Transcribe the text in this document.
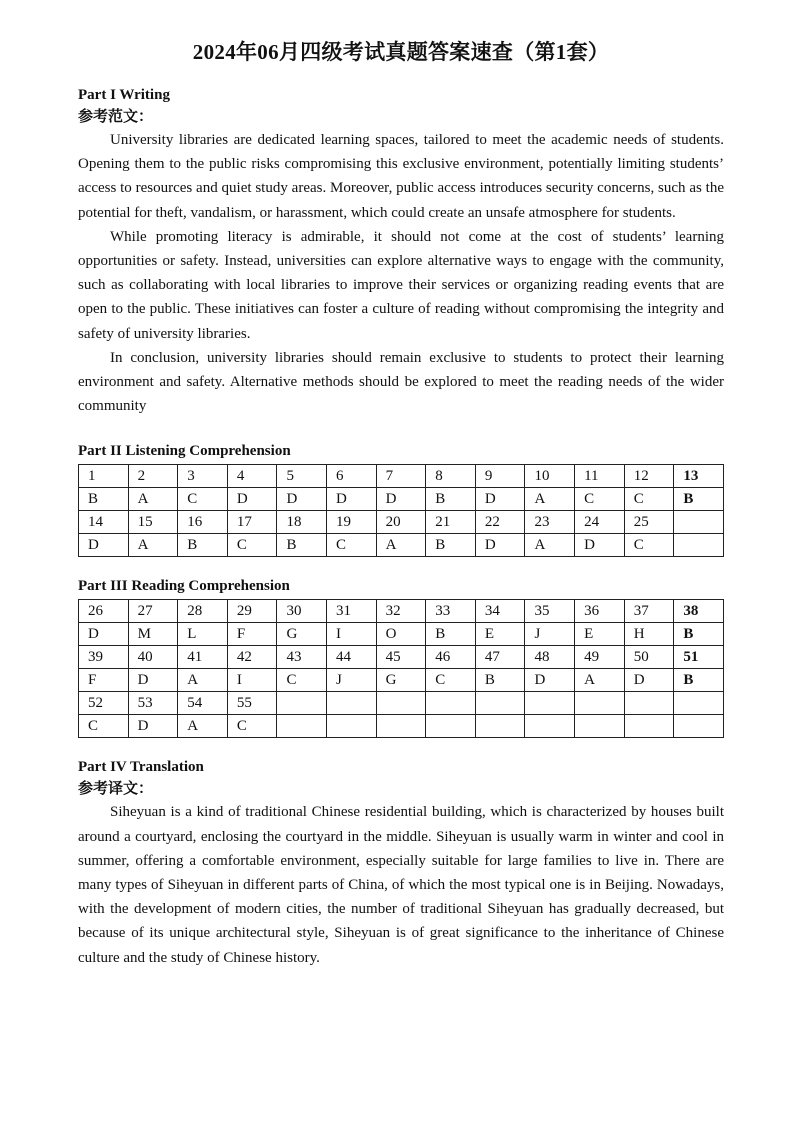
2024年06月四级考试真题答案速查（第1套）

Part I Writing

参考范文：

University libraries are dedicated learning spaces, tailored to meet the academic needs of students. Opening them to the public risks compromising this exclusive environment, potentially limiting students’ access to resources and quiet study areas. Moreover, public access introduces security concerns, such as the potential for theft, vandalism, or harassment, which could create an unsafe atmosphere for students.

While promoting literacy is admirable, it should not come at the cost of students’ learning opportunities or safety. Instead, universities can explore alternative ways to engage with the community, such as collaborating with local libraries to improve their services or organizing reading events that are open to the public. These initiatives can foster a culture of reading without compromising the integrity and safety of university libraries.

In conclusion, university libraries should remain exclusive to students to protect their learning environment and safety. Alternative methods should be explored to meet the reading needs of the wider community

Part II Listening Comprehension

1	2	3	4	5	6	7	8	9	10	11	12	13
B	A	C	D	D	D	D	B	D	A	C	C	B
14	15	16	17	18	19	20	21	22	23	24	25	
D	A	B	C	B	C	A	B	D	A	D	C	

Part III Reading Comprehension

26	27	28	29	30	31	32	33	34	35	36	37	38
D	M	L	F	G	I	O	B	E	J	E	H	B
39	40	41	42	43	44	45	46	47	48	49	50	51
F	D	A	I	C	J	G	C	B	D	A	D	B
52	53	54	55									
C	D	A	C									

Part IV Translation

参考译文：

Siheyuan is a kind of traditional Chinese residential building, which is characterized by houses built around a courtyard, enclosing the courtyard in the middle. Siheyuan is usually warm in winter and cool in summer, offering a comfortable environment, especially suitable for large families to live in. There are many types of Siheyuan in different parts of China, of which the most typical one is in Beijing. Nowadays, with the development of modern cities, the number of traditional Siheyuan has gradually decreased, but because of its unique architectural style, Siheyuan is of great significance to the inheritance of Chinese culture and the study of Chinese history.
